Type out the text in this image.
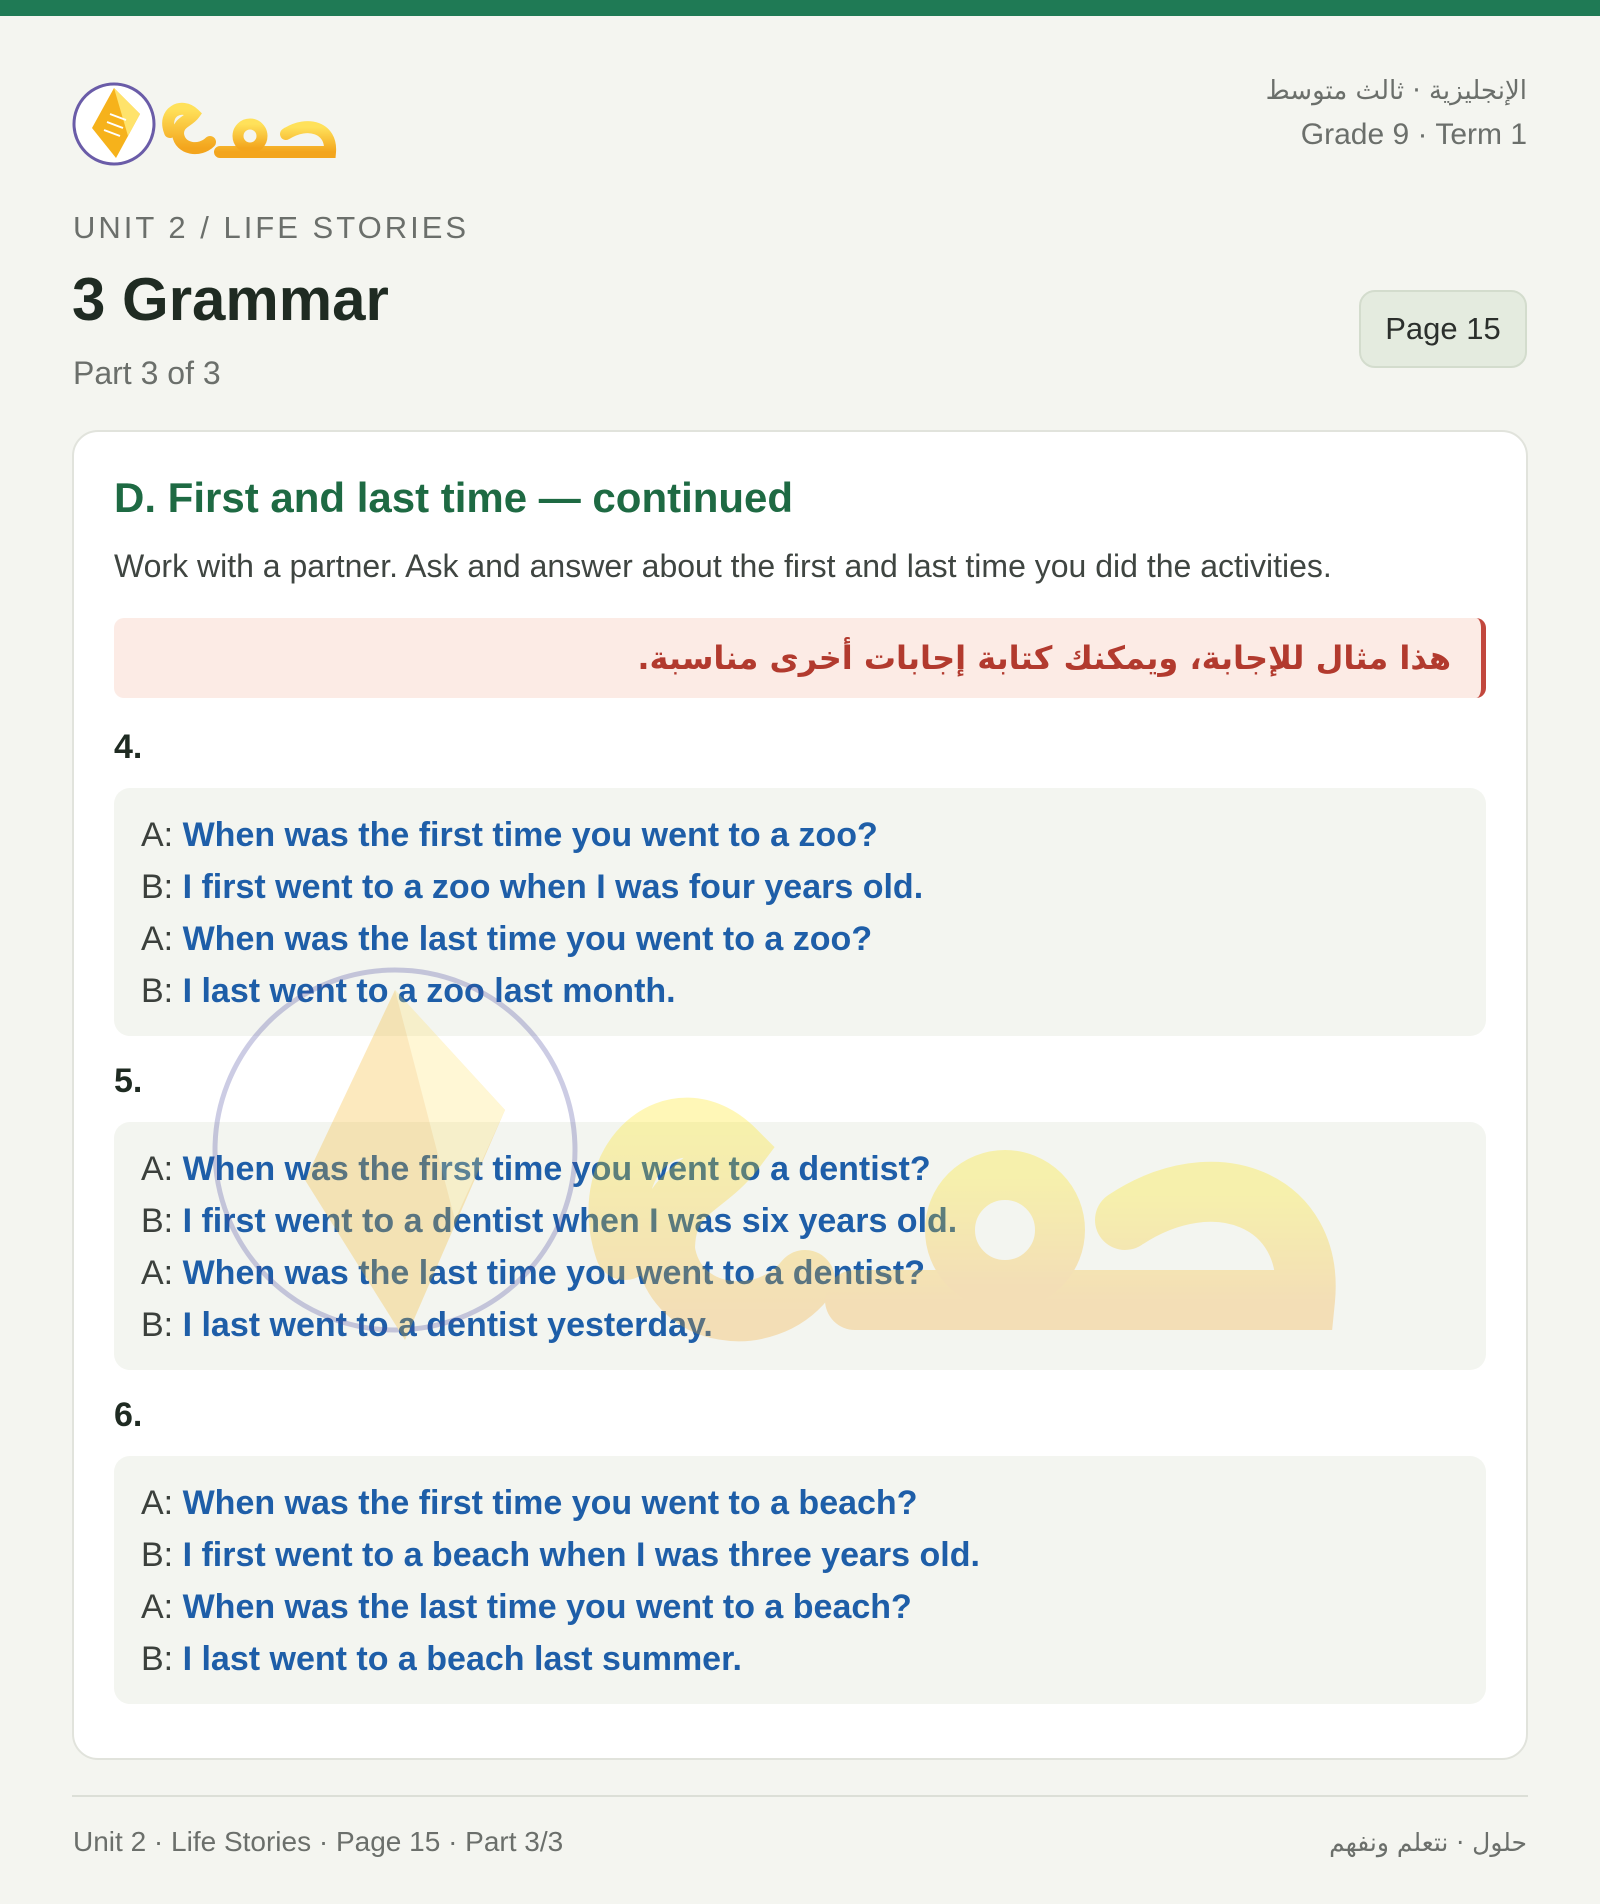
الإنجليزية · ثالث متوسط
Grade 9 · Term 1
UNIT 2 / LIFE STORIES
3 Grammar
Part 3 of 3
Page 15
D. First and last time — continued
Work with a partner. Ask and answer about the first and last time you did the activities.
هذا مثال للإجابة، ويمكنك كتابة إجابات أخرى مناسبة.
4.
A: When was the first time you went to a zoo?
B: I first went to a zoo when I was four years old.
A: When was the last time you went to a zoo?
B: I last went to a zoo last month.
5.
A: When was the first time you went to a dentist?
B: I first went to a dentist when I was six years old.
A: When was the last time you went to a dentist?
B: I last went to a dentist yesterday.
6.
A: When was the first time you went to a beach?
B: I first went to a beach when I was three years old.
A: When was the last time you went to a beach?
B: I last went to a beach last summer.
Unit 2 · Life Stories · Page 15 · Part 3/3	حلول · نتعلم ونفهم
